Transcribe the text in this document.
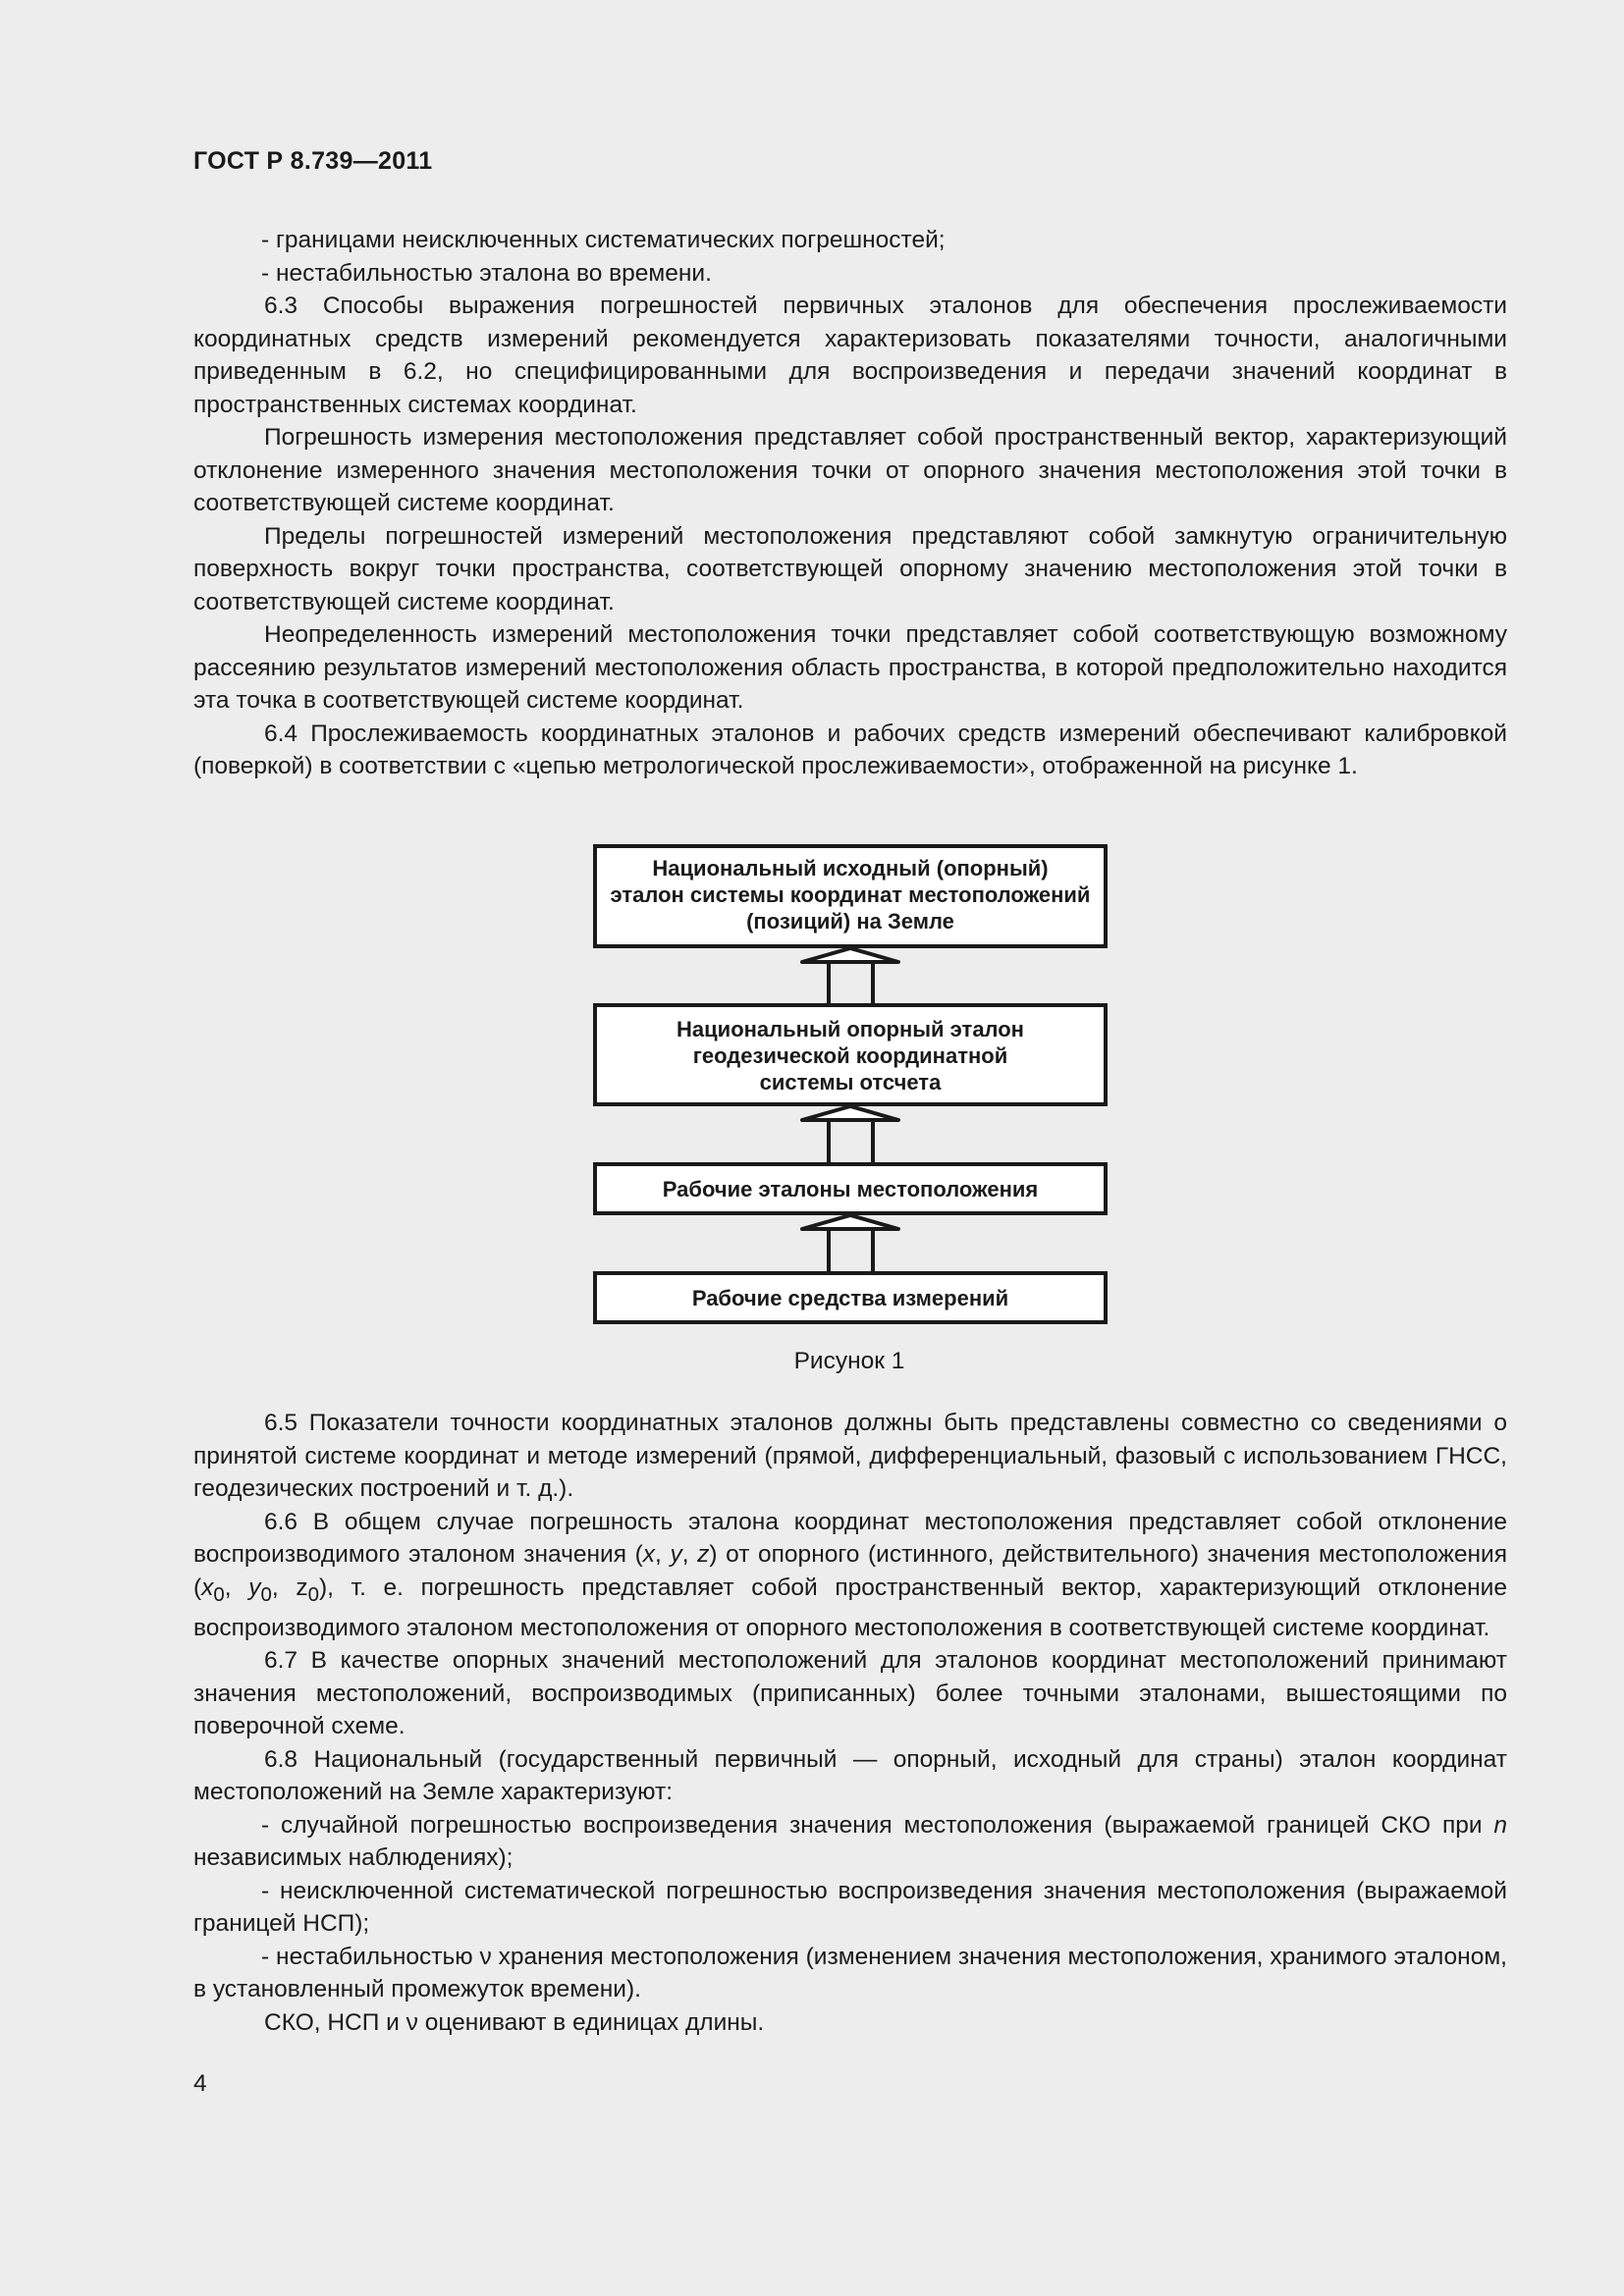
ГОСТ Р 8.739—2011

- границами неисключенных систематических погрешностей;

- нестабильностью эталона во времени.

6.3 Способы выражения погрешностей первичных эталонов для обеспечения прослеживаемости координатных средств измерений рекомендуется характеризовать показателями точности, аналогичными приведенным в 6.2, но специфицированными для воспроизведения и передачи значений координат в пространственных системах координат.

Погрешность измерения местоположения представляет собой пространственный вектор, характеризующий отклонение измеренного значения местоположения точки от опорного значения местоположения этой точки в соответствующей системе координат.

Пределы погрешностей измерений местоположения представляют собой замкнутую ограничительную поверхность вокруг точки пространства, соответствующей опорному значению местоположения этой точки в соответствующей системе координат.

Неопределенность измерений местоположения точки представляет собой соответствующую возможному рассеянию результатов измерений местоположения область пространства, в которой предположительно находится эта точка в соответствующей системе координат.

6.4 Прослеживаемость координатных эталонов и рабочих средств измерений обеспечивают калибровкой (поверкой) в соответствии с «цепью метрологической прослеживаемости», отображенной на рисунке 1.

Национальный исходный (опорный)
эталон системы координат местоположений
(позиций) на Земле
Национальный опорный эталон
геодезической координатной
системы отсчета
Рабочие эталоны местоположения
Рабочие средства измерений
Рисунок 1

6.5 Показатели точности координатных эталонов должны быть представлены совместно со сведениями о принятой системе координат и методе измерений (прямой, дифференциальный, фазовый с использованием ГНСС, геодезических построений и т. д.).

6.6 В общем случае погрешность эталона координат местоположения представляет собой отклонение воспроизводимого эталоном значения (x, y, z) от опорного (истинного, действительного) значения местоположения ($x_0$, $y_0$, $z_0$), т. е. погрешность представляет собой пространственный вектор, характеризующий отклонение воспроизводимого эталоном местоположения от опорного местоположения в соответствующей системе координат.

6.7 В качестве опорных значений местоположений для эталонов координат местоположений принимают значения местоположений, воспроизводимых (приписанных) более точными эталонами, вышестоящими по поверочной схеме.

6.8 Национальный (государственный первичный — опорный, исходный для страны) эталон координат местоположений на Земле характеризуют:

- случайной погрешностью воспроизведения значения местоположения (выражаемой границей СКО при n независимых наблюдениях);

- неисключенной систематической погрешностью воспроизведения значения местоположения (выражаемой границей НСП);

- нестабильностью ν хранения местоположения (изменением значения местоположения, хранимого эталоном, в установленный промежуток времени).

СКО, НСП и ν оценивают в единицах длины.

4
